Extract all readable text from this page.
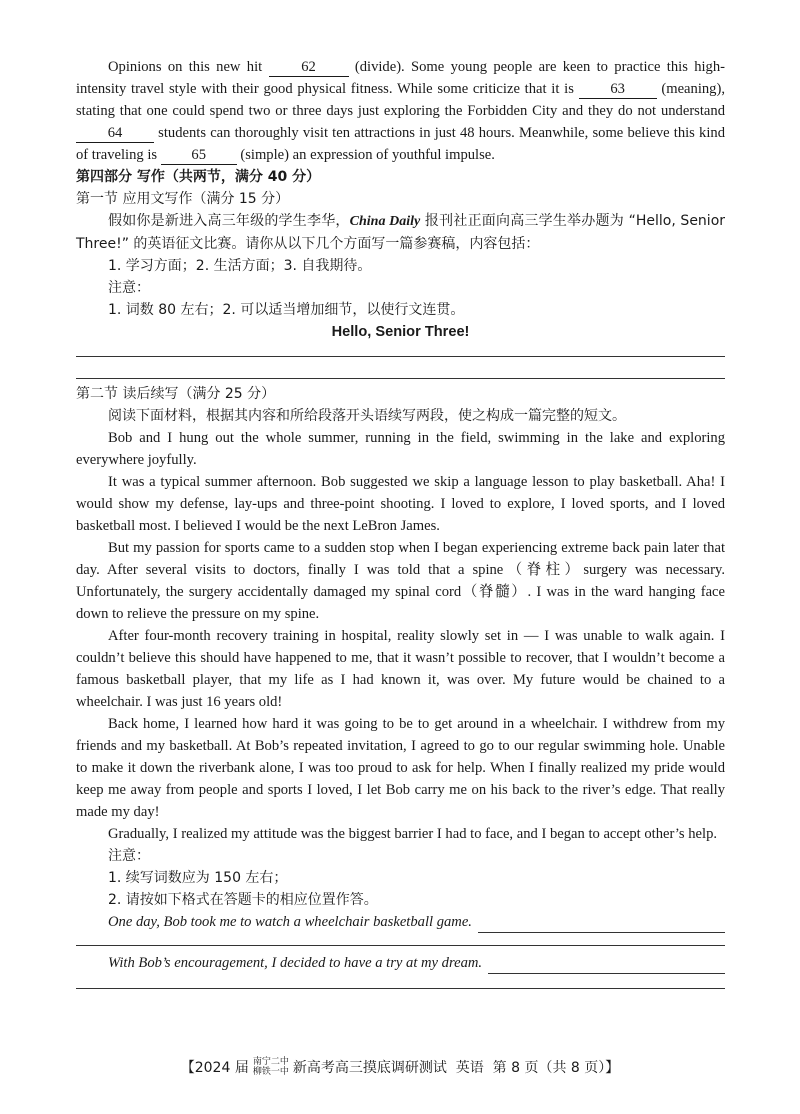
Opinions on this new hit 62 (divide). Some young people are keen to practice this high-intensity travel style with their good physical fitness. While some criticize that it is 63 (meaning), stating that one could spend two or three days just exploring the Forbidden City and they do not understand 64 students can thoroughly visit ten attractions in just 48 hours. Meanwhile, some believe this kind of traveling is 65 (simple) an expression of youthful impulse.

第四部分 写作（共两节，满分 40 分）

第一节 应用文写作（满分 15 分）

假如你是新进入高三年级的学生李华，China Daily 报刊社正面向高三学生举办题为 “Hello, Senior Three!” 的英语征文比赛。请你从以下几个方面写一篇参赛稿，内容包括：

1. 学习方面；2. 生活方面；3. 自我期待。

注意：

1. 词数 80 左右；2. 可以适当增加细节，以使行文连贯。

Hello, Senior Three!

第二节 读后续写（满分 25 分）

阅读下面材料，根据其内容和所给段落开头语续写两段，使之构成一篇完整的短文。

Bob and I hung out the whole summer, running in the field, swimming in the lake and exploring everywhere joyfully.

It was a typical summer afternoon. Bob suggested we skip a language lesson to play basketball. Aha! I would show my defense, lay-ups and three-point shooting. I loved to explore, I loved sports, and I loved basketball most. I believed I would be the next LeBron James.

But my passion for sports came to a sudden stop when I began experiencing extreme back pain later that day. After several visits to doctors, finally I was told that a spine（脊柱）surgery was necessary. Unfortunately, the surgery accidentally damaged my spinal cord（脊髓）. I was in the ward hanging face down to relieve the pressure on my spine.

After four-month recovery training in hospital, reality slowly set in — I was unable to walk again. I couldn’t believe this should have happened to me, that it wasn’t possible to recover, that I wouldn’t become a famous basketball player, that my life as I had known it, was over. My future would be chained to a wheelchair. I was just 16 years old!

Back home, I learned how hard it was going to be to get around in a wheelchair. I withdrew from my friends and my basketball. At Bob’s repeated invitation, I agreed to go to our regular swimming hole. Unable to make it down the riverbank alone, I was too proud to ask for help. When I finally realized my pride would keep me away from people and sports I loved, I let Bob carry me on his back to the river’s edge. That really made my day!

Gradually, I realized my attitude was the biggest barrier I had to face, and I began to accept other’s help.

注意：

1. 续写词数应为 150 左右；

2. 请按如下格式在答题卡的相应位置作答。

One day, Bob took me to watch a wheelchair basketball game.
With Bob’s encouragement, I decided to have a try at my dream.
【2024 届 南宁二中
柳铁一中 新高考高三摸底调研测试  英语  第 8 页（共 8 页）】
